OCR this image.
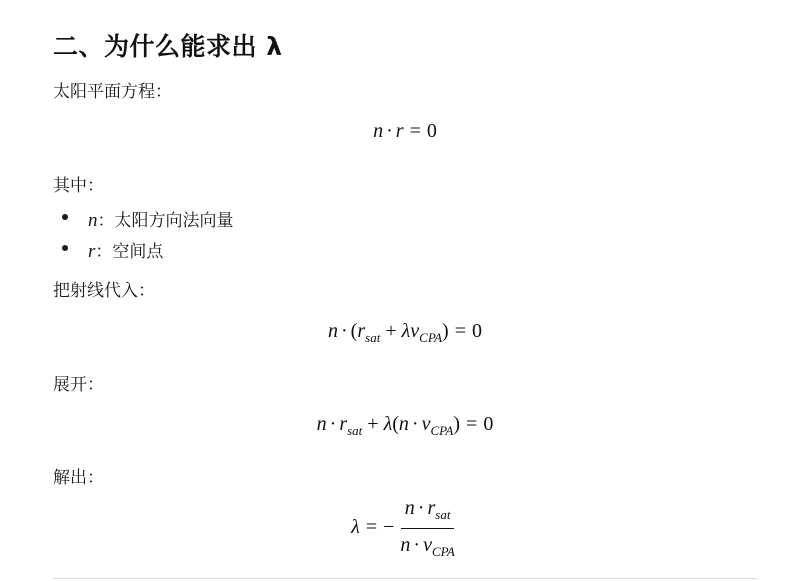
二、为什么能求出 λ
太阳平面方程：
n · r = 0
其中：
n：太阳方向法向量
r：空间点
把射线代入：
$n \cdot (r_{sat} + \lambda v_{CPA}) = 0$
展开：
$n \cdot r_{sat} + \lambda(n \cdot v_{CPA}) = 0$
解出：
λ = − $\frac{n \cdot r_{sat}}{n \cdot v_{CPA}}$
